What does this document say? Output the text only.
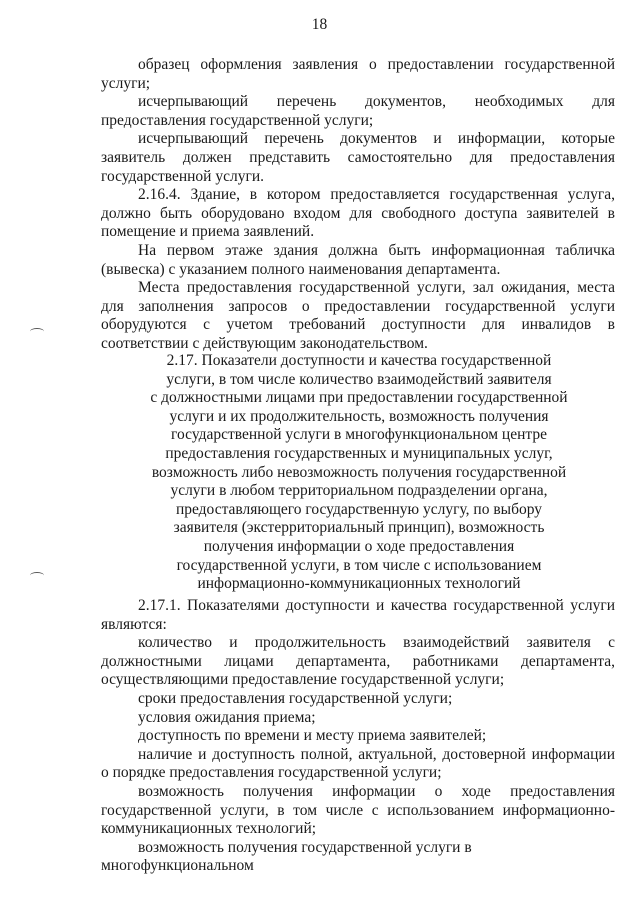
18

образец оформления заявления о предоставлении государственной услуги;

исчерпывающий перечень документов, необходимых для предоставления государственной услуги;

исчерпывающий перечень документов и информации, которые заявитель должен представить самостоятельно для предоставления государственной услуги.

2.16.4. Здание, в котором предоставляется государственная услуга, должно быть оборудовано входом для свободного доступа заявителей в помещение и приема заявлений.

На первом этаже здания должна быть информационная табличка (вывеска) с указанием полного наименования департамента.

Места предоставления государственной услуги, зал ожидания, места для заполнения запросов о предоставлении государственной услуги оборудуются с учетом требований доступности для инвалидов в соответствии с действующим законодательством.

2.17. Показатели доступности и качества государственной
услуги, в том числе количество взаимодействий заявителя
с должностными лицами при предоставлении государственной
услуги и их продолжительность, возможность получения
государственной услуги в многофункциональном центре
предоставления государственных и муниципальных услуг,
возможность либо невозможность получения государственной
услуги в любом территориальном подразделении органа,
предоставляющего государственную услугу, по выбору
заявителя (экстерриториальный принцип), возможность
получения информации о ходе предоставления
государственной услуги, в том числе с использованием
информационно-коммуникационных технологий

2.17.1. Показателями доступности и качества государственной услуги являются:

количество и продолжительность взаимодействий заявителя с должностными лицами департамента, работниками департамента, осуществляющими предоставление государственной услуги;

сроки предоставления государственной услуги;

условия ожидания приема;

доступность по времени и месту приема заявителей;

наличие и доступность полной, актуальной, достоверной информации о порядке предоставления государственной услуги;

возможность получения информации о ходе предоставления государственной услуги, в том числе с использованием информационно-коммуникационных технологий;

возможность получения государственной услуги в многофункциональном
